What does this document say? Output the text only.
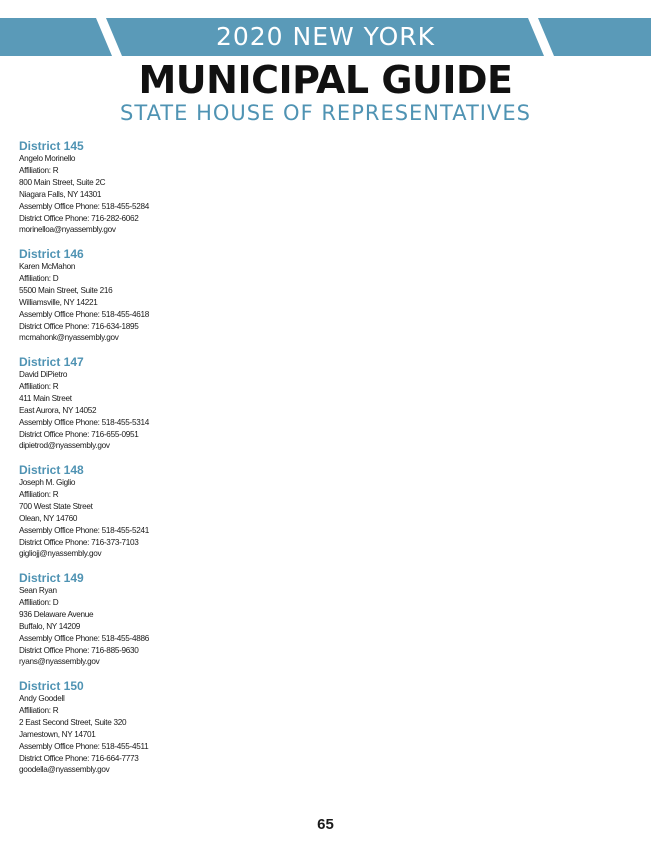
2020 NEW YORK
MUNICIPAL GUIDE
STATE HOUSE OF REPRESENTATIVES
District 145
Angelo Morinello
Affiliation: R
800 Main Street, Suite 2C
Niagara Falls, NY 14301
Assembly Office Phone: 518-455-5284
District Office Phone: 716-282-6062
morinelloa@nyassembly.gov
District 146
Karen McMahon
Affiliation: D
5500 Main Street, Suite 216
Williamsville, NY 14221
Assembly Office Phone: 518-455-4618
District Office Phone: 716-634-1895
mcmahonk@nyassembly.gov
District 147
David DiPietro
Affiliation: R
411 Main Street
East Aurora, NY 14052
Assembly Office Phone: 518-455-5314
District Office Phone: 716-655-0951
dipietrod@nyassembly.gov
District 148
Joseph M. Giglio
Affiliation: R
700 West State Street
Olean, NY 14760
Assembly Office Phone: 518-455-5241
District Office Phone: 716-373-7103
gigliojj@nyassembly.gov
District 149
Sean Ryan
Affiliation: D
936 Delaware Avenue
Buffalo, NY 14209
Assembly Office Phone: 518-455-4886
District Office Phone: 716-885-9630
ryans@nyassembly.gov
District 150
Andy Goodell
Affiliation: R
2 East Second Street, Suite 320
Jamestown, NY 14701
Assembly Office Phone: 518-455-4511
District Office Phone: 716-664-7773
goodella@nyassembly.gov
65
